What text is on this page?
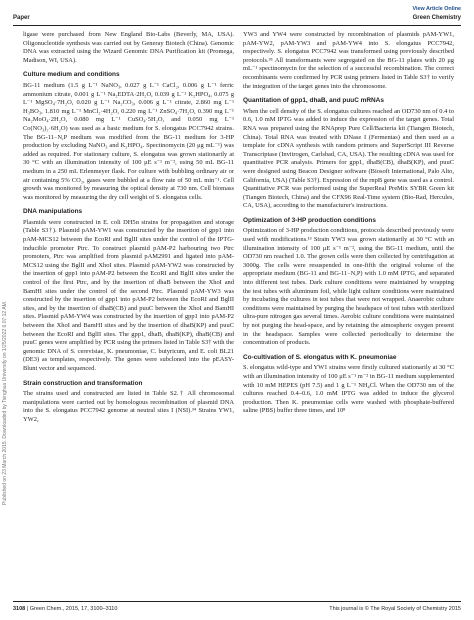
View Article Online
Paper	Green Chemistry
Published on 23 March 2015. Downloaded by Tsinghua University on 1/25/2022 6:07:12 AM.

ligase were purchased from New England Bio-Labs (Beverly, MA, USA). Oligonucleotide synthesis was carried out by Generay Biotech (China). Genomic DNA was extracted using the Wizard Genomic DNA Purification kit (Promega, Madison, WI, USA).

Culture medium and conditions

BG-11 medium (1.5 g L⁻¹ NaNO₃, 0.027 g L⁻¹ CaCl₂, 0.006 g L⁻¹ ferric ammonium citrate, 0.001 g L⁻¹ Na₂EDTA·2H₂O, 0.039 g L⁻¹ K₂HPO₄, 0.075 g L⁻¹ MgSO₄·7H₂O, 0.020 g L⁻¹ Na₂CO₃, 0.006 g L⁻¹ citrate, 2.860 mg L⁻¹ H₃BO₃, 1.810 mg L⁻¹ MnCl₂·4H₂O, 0.220 mg L⁻¹ ZnSO₄·7H₂O, 0.390 mg L⁻¹ Na₂MoO₄·2H₂O, 0.080 mg L⁻¹ CuSO₄·5H₂O, and 0.050 mg L⁻¹ Co(NO₃)₂·6H₂O) was used as a basic medium for S. elongatus PCC7942 strains. The BG-11₋N,P medium was modified from the BG-11 medium for 3-HP production by excluding NaNO₃ and K₂HPO₄. Spectinomycin (20 μg mL⁻¹) was added as required. For stationary culture, S. elongatus was grown stationarily at 30 °C with an illumination intensity of 100 μE s⁻¹ m⁻², using 50 mL BG-11 medium in a 250 mL Erlenmeyer flask. For culture with bubbling ordinary air or air containing 5% CO₂, gases were bubbled at a flow rate of 50 mL min⁻¹. Cell growth was monitored by measuring the optical density at 730 nm. Cell biomass was monitored by measuring the dry cell weight of S. elongatus cells.

DNA manipulations

Plasmids were constructed in E. coli DH5α strains for propagation and storage (Table S3†). Plasmid pAM-YW1 was constructed by the insertion of gpp1 into pAM-MCS12 between the EcoRI and BglII sites under the control of the IPTG-inducible promoter Ptrc. To construct plasmid pAM-P2 harbouring two Ptrc promoters, Ptrc was amplified from plasmid pAM2991 and ligated into pAM-MCS12 using the BglII and XhoI sites. Plasmid pAM-YW2 was constructed by the insertion of gpp1 into pAM-P2 between the EcoRI and BglII sites under the control of the first Ptrc, and by the insertion of dhaB between the XhoI and BamHI sites under the control of the second Ptrc. Plasmid pAM-YW3 was constructed by the insertion of gpp1 into pAM-P2 between the EcoRI and BglII sites, and by the insertion of dhaB(CB) and puuC between the XhoI and BamHI sites. Plasmid pAM-YW4 was constructed by the insertion of gpp1 into pAM-P2 between the XhoI and BamHI sites and by the insertion of dhaB(KP) and puuC between the EcoRI and BglII sites. The gpp1, dhaB, dhaB(KP), dhaB(CB) and puuC genes were amplified by PCR using the primers listed in Table S3† with the genomic DNA of S. cerevisiae, K. pneumoniae, C. butyricum, and E. coli BL21 (DE3) as templates, respectively. The genes were subcloned into the pEASY-Blunt vector and sequenced.

Strain construction and transformation

The strains used and constructed are listed in Table S2.† All chromosomal manipulations were carried out by homologous recombination of plasmid DNA into the S. elongatus PCC7942 genome at neutral sites I (NSI).³⁴ Strains YW1, YW2,

YW3 and YW4 were constructed by recombination of plasmids pAM-YW1, pAM-YW2, pAM-YW3 and pAM-YW4 into S. elongatus PCC7942, respectively. S. elongatus PCC7942 was transformed using previously described protocols.³⁵ All transformants were segregated on the BG-11 plates with 20 μg mL⁻¹ spectinomycin for the selection of a successful recombination. The correct recombinants were confirmed by PCR using primers listed in Table S3† to verify the integration of the target genes into the chromosome.

Quantitation of gpp1, dhaB, and puuC mRNAs

When the cell density of the S. elongatus cultures reached an OD730 nm of 0.4 to 0.6, 1.0 mM IPTG was added to induce the expression of the target genes. Total RNA was prepared using the RNAprep Pure Cell/Bacteria kit (Tiangen Biotech, China). Total RNA was treated with DNase I (Fermentas) and then used as a template for cDNA synthesis with random primers and SuperScript III Reverse Transcriptase (Invitrogen, Carlsbad, CA, USA). The resulting cDNA was used for quantitative PCR analysis. Primers for gpp1, dhaB(CB), dhaB(KP), and puuC were designed using Beacon Designer software (Biosoft International, Palo Alto, California, USA) (Table S3†). Expression of the rnpB gene was used as a control. Quantitative PCR was performed using the SuperReal PreMix SYBR Green kit (Tiangen Biotech, China) and the CFX96 Real-Time system (Bio-Rad, Hercules, CA, USA), according to the manufacturer's instructions.

Optimization of 3-HP production conditions

Optimization of 3-HP production conditions, protocols described previously were used with modifications.¹³ Strain YW3 was grown stationarily at 30 °C with an illumination intensity of 100 μE s⁻¹ m⁻², using the BG-11 medium, until the OD730 nm reached 1.0. The grown cells were then collected by centrifugation at 3000g. The cells were resuspended in one-fifth the original volume of the appropriate medium (BG-11 and BG-11₋N,P) with 1.0 mM IPTG, and separated into different test tubes. Dark culture conditions were maintained by wrapping the test tubes with aluminum foil, while light culture conditions were maintained by incubating the cultures in test tubes that were not wrapped. Anaerobic culture conditions were maintained by purging the headspace of test tubes with sterilized ultra-pure nitrogen gas several times. Aerobic culture conditions were maintained by not purging the head-space, and by retaining the atmospheric oxygen present in the headspace. Samples were collected periodically to determine the concentration of products.

Co-cultivation of S. elongatus with K. pneumoniae

S. elongatus wild-type and YW1 strains were firstly cultured stationarily at 30 °C with an illumination intensity of 100 μE s⁻¹ m⁻² in BG-11 medium supplemented with 10 mM HEPES (pH 7.5) and 1 g L⁻¹ NH₄Cl. When the OD730 nm of the cultures reached 0.4–0.6, 1.0 mM IPTG was added to induce the glycerol production. Then K. pneumoniae cells were washed with phosphate-buffered saline (PBS) buffer three times, and 10⁸

3108 | Green Chem., 2015, 17, 3100–3110	This journal is © The Royal Society of Chemistry 2015
